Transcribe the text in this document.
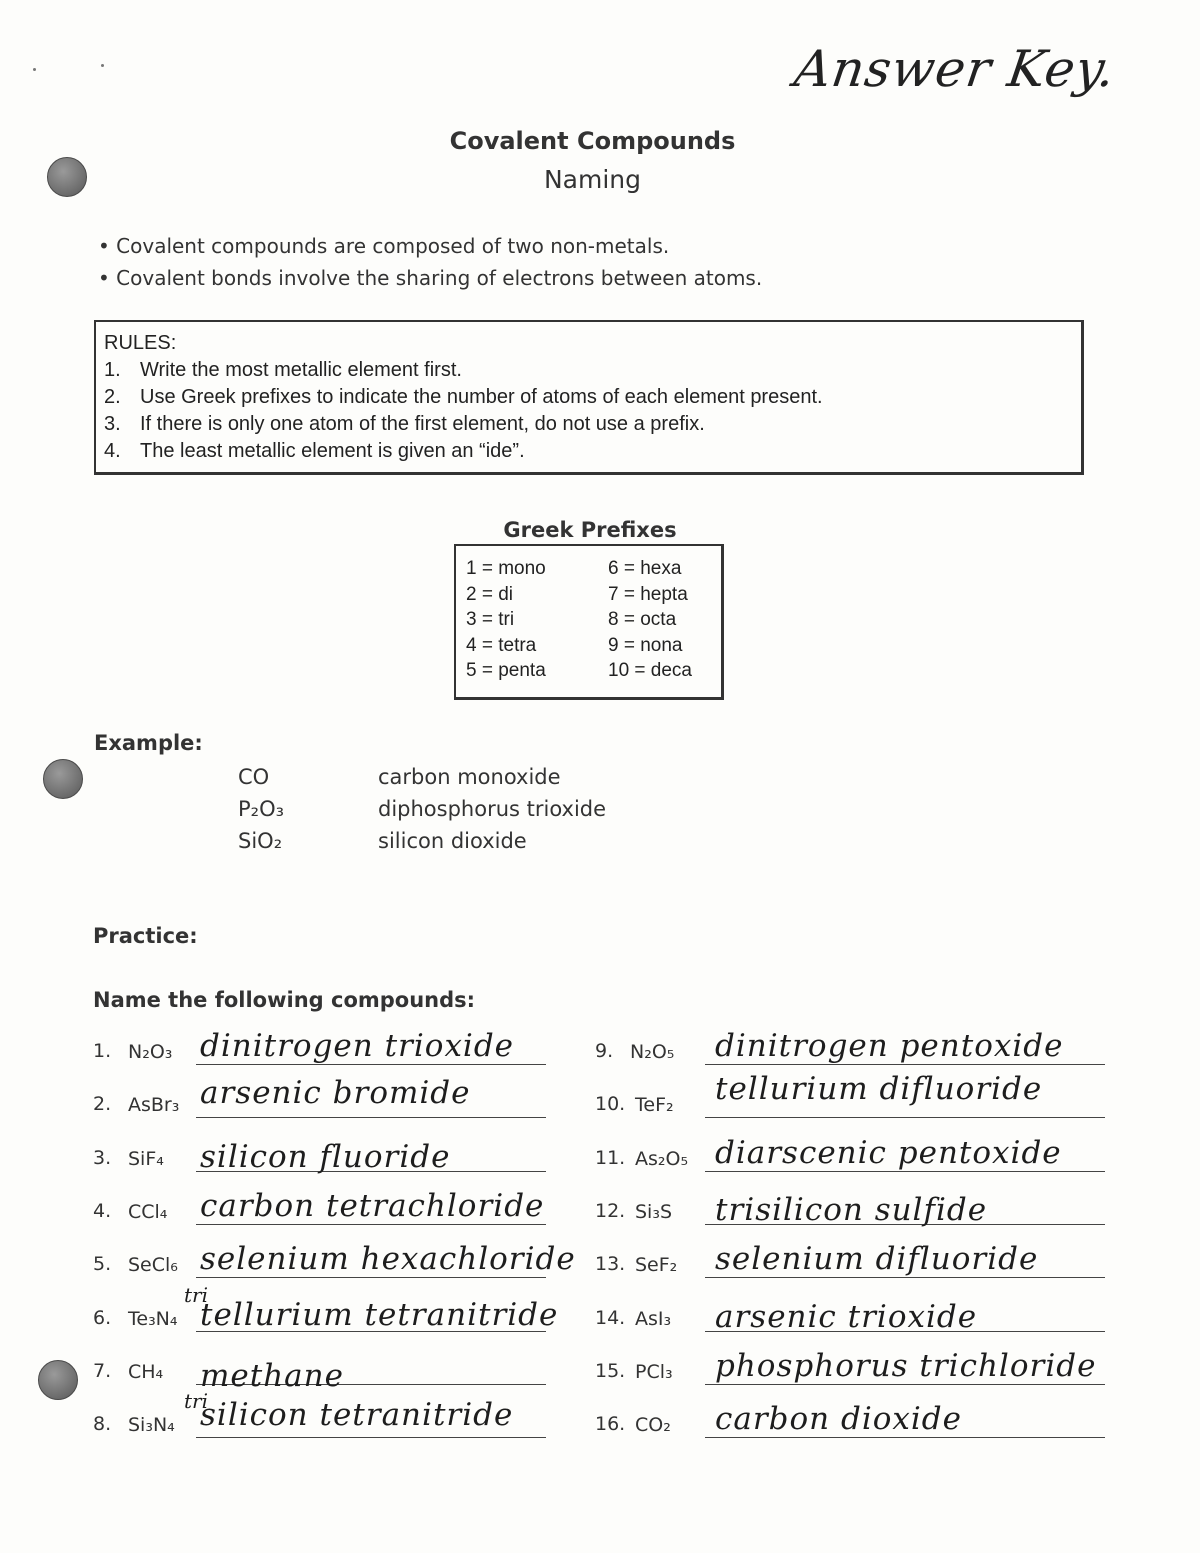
Answer Key.
Covalent Compounds
Naming
• Covalent compounds are composed of two non-metals.
• Covalent bonds involve the sharing of electrons between atoms.
RULES:
1. Write the most metallic element first.
2. Use Greek prefixes to indicate the number of atoms of each element present.
3. If there is only one atom of the first element, do not use a prefix.
4. The least metallic element is given an “ide”.
Greek Prefixes
1 = mono	6 = hexa
2 = di	7 = hepta
3 = tri	8 = octa
4 = tetra	9 = nona
5 = penta	10 = deca
Example:
CO	carbon monoxide
P₂O₃	diphosphorus trioxide
SiO₂	silicon dioxide
Practice:
Name the following compounds:
1. N₂O₃ dinitrogen trioxide
2. AsBr₃ arsenic bromide
3. SiF₄ silicon fluoride
4. CCl₄ carbon tetrachloride
5. SeCl₆ selenium hexachloride
6. Te₃N₄ tellurium tetranitride
tri
7. CH₄ methane
8. Si₃N₄ silicon tetranitride
tri
9. N₂O₅ dinitrogen pentoxide
10. TeF₂ tellurium difluoride
11. As₂O₅ diarscenic pentoxide
12. Si₃S trisilicon sulfide
13. SeF₂ selenium difluoride
14. AsI₃ arsenic trioxide
15. PCl₃ phosphorus trichloride
16. CO₂ carbon dioxide
